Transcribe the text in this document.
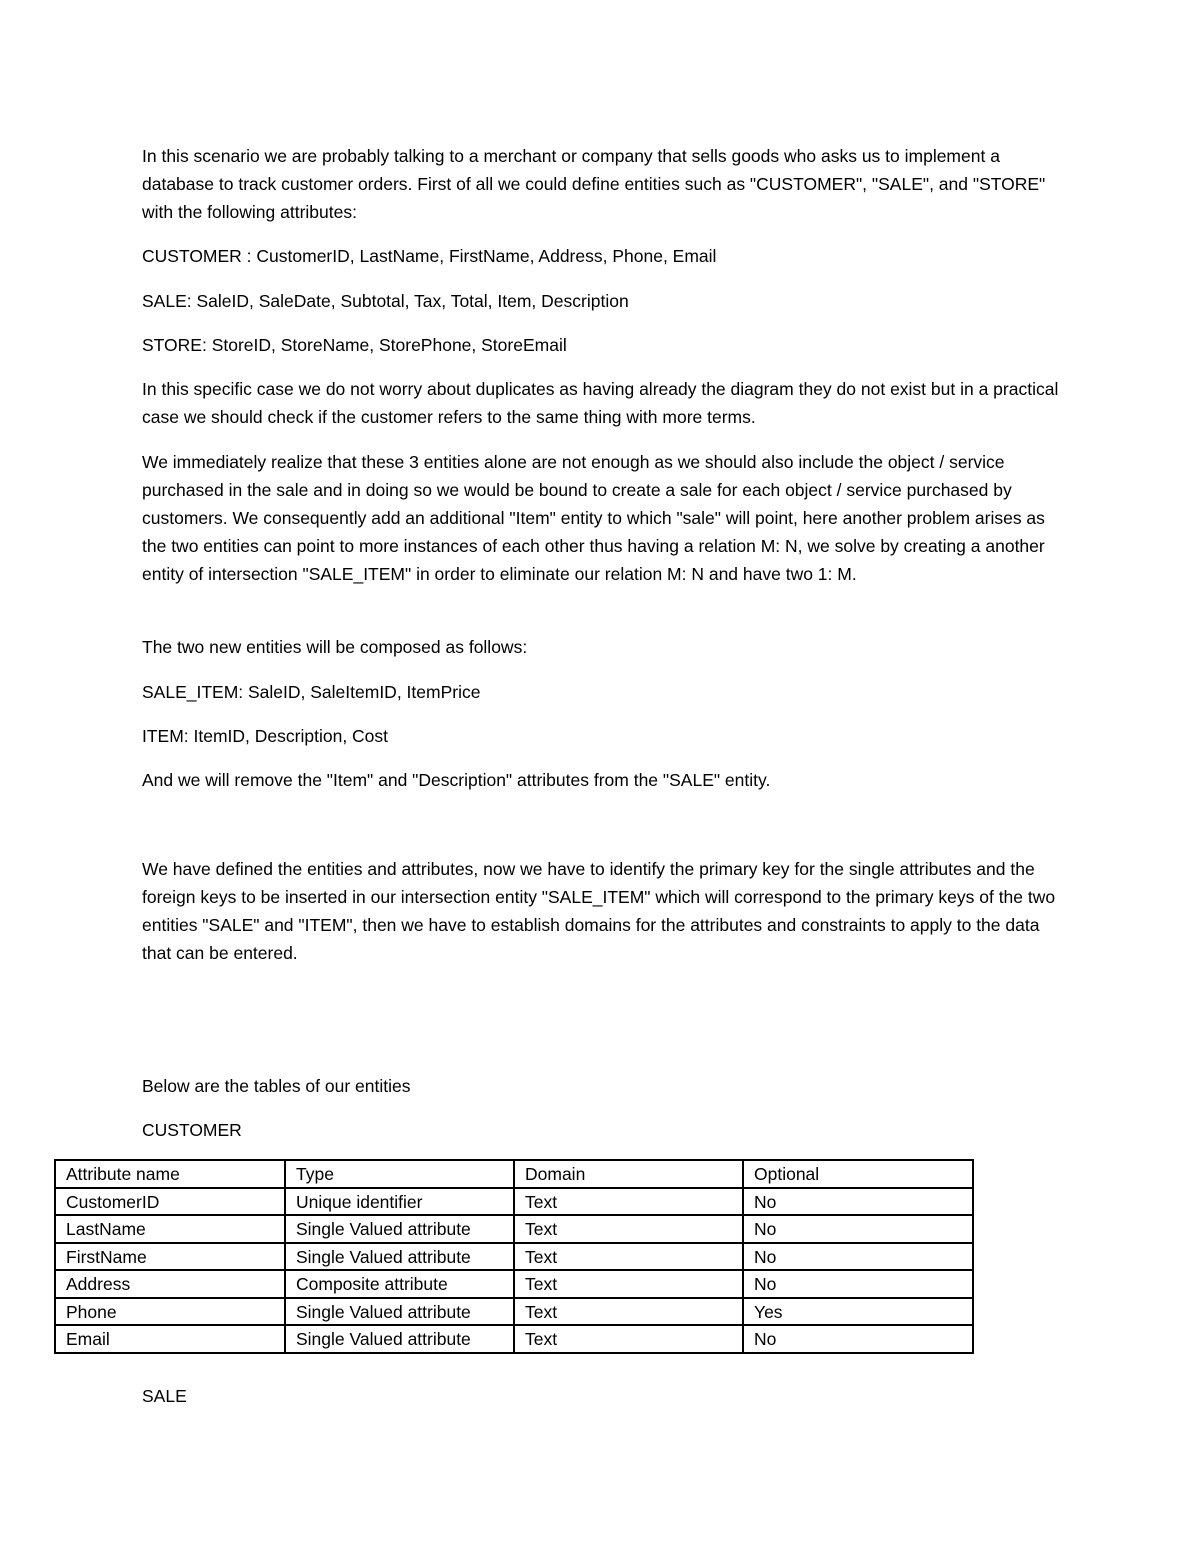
In this scenario we are probably talking to a merchant or company that sells goods who asks us to implement a database to track customer orders. First of all we could define entities such as "CUSTOMER", "SALE", and "STORE" with the following attributes:

CUSTOMER : CustomerID, LastName, FirstName, Address, Phone, Email

SALE: SaleID, SaleDate, Subtotal, Tax, Total, Item, Description

STORE: StoreID, StoreName, StorePhone, StoreEmail

In this specific case we do not worry about duplicates as having already the diagram they do not exist but in a practical case we should check if the customer refers to the same thing with more terms.

We immediately realize that these 3 entities alone are not enough as we should also include the object / service purchased in the sale and in doing so we would be bound to create a sale for each object / service purchased by customers. We consequently add an additional "Item" entity to which "sale" will point, here another problem arises as the two entities can point to more instances of each other thus having a relation M: N, we solve by creating a another entity of intersection "SALE_ITEM" in order to eliminate our relation M: N and have two 1: M.

The two new entities will be composed as follows:

SALE_ITEM: SaleID, SaleItemID, ItemPrice

ITEM: ItemID, Description, Cost

And we will remove the "Item" and "Description" attributes from the "SALE" entity.

We have defined the entities and attributes, now we have to identify the primary key for the single attributes and the foreign keys to be inserted in our intersection entity "SALE_ITEM" which will correspond to the primary keys of the two entities "SALE" and "ITEM", then we have to establish domains for the attributes and constraints to apply to the data that can be entered.

Below are the tables of our entities

CUSTOMER

Attribute name	Type	Domain	Optional
CustomerID	Unique identifier	Text	No
LastName	Single Valued attribute	Text	No
FirstName	Single Valued attribute	Text	No
Address	Composite attribute	Text	No
Phone	Single Valued attribute	Text	Yes
Email	Single Valued attribute	Text	No

SALE
